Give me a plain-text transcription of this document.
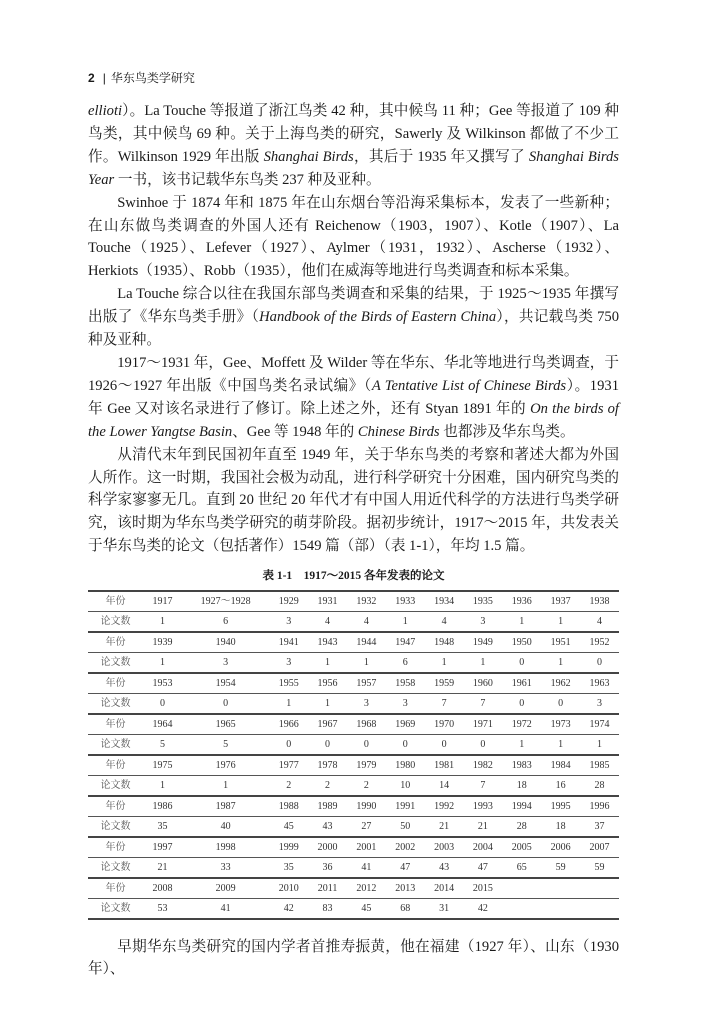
2 | 华东鸟类学研究

ellioti）。La Touche 等报道了浙江鸟类 42 种，其中候鸟 11 种；Gee 等报道了 109 种鸟类，其中候鸟 69 种。关于上海鸟类的研究，Sawerly 及 Wilkinson 都做了不少工作。Wilkinson 1929 年出版 Shanghai Birds，其后于 1935 年又撰写了 Shanghai Birds Year 一书，该书记载华东鸟类 237 种及亚种。

Swinhoe 于 1874 年和 1875 年在山东烟台等沿海采集标本，发表了一些新种；在山东做鸟类调查的外国人还有 Reichenow（1903，1907）、Kotle（1907）、La Touche（1925）、Lefever（1927）、Aylmer（1931，1932）、Ascherse（1932）、Herkiots（1935）、Robb（1935），他们在威海等地进行鸟类调查和标本采集。

La Touche 综合以往在我国东部鸟类调查和采集的结果，于 1925～1935 年撰写出版了《华东鸟类手册》（Handbook of the Birds of Eastern China），共记载鸟类 750 种及亚种。

1917～1931 年，Gee、Moffett 及 Wilder 等在华东、华北等地进行鸟类调查，于 1926～1927 年出版《中国鸟类名录试编》（A Tentative List of Chinese Birds）。1931 年 Gee 又对该名录进行了修订。除上述之外，还有 Styan 1891 年的 On the birds of the Lower Yangtse Basin、Gee 等 1948 年的 Chinese Birds 也都涉及华东鸟类。

从清代末年到民国初年直至 1949 年，关于华东鸟类的考察和著述大都为外国人所作。这一时期，我国社会极为动乱，进行科学研究十分困难，国内研究鸟类的科学家寥寥无几。直到 20 世纪 20 年代才有中国人用近代科学的方法进行鸟类学研究，该时期为华东鸟类学研究的萌芽阶段。据初步统计，1917～2015 年，共发表关于华东鸟类的论文（包括著作）1549 篇（部）（表 1-1），年均 1.5 篇。

表 1-1　1917～2015 各年发表的论文
年份	1917	1927～1928	1929	1931	1932	1933	1934	1935	1936	1937	1938
论文数	1	6	3	4	4	1	4	3	1	1	4
年份	1939	1940	1941	1943	1944	1947	1948	1949	1950	1951	1952
论文数	1	3	3	1	1	6	1	1	0	1	0
年份	1953	1954	1955	1956	1957	1958	1959	1960	1961	1962	1963
论文数	0	0	1	1	3	3	7	7	0	0	3
年份	1964	1965	1966	1967	1968	1969	1970	1971	1972	1973	1974
论文数	5	5	0	0	0	0	0	0	1	1	1
年份	1975	1976	1977	1978	1979	1980	1981	1982	1983	1984	1985
论文数	1	1	2	2	2	10	14	7	18	16	28
年份	1986	1987	1988	1989	1990	1991	1992	1993	1994	1995	1996
论文数	35	40	45	43	27	50	21	21	28	18	37
年份	1997	1998	1999	2000	2001	2002	2003	2004	2005	2006	2007
论文数	21	33	35	36	41	47	43	47	65	59	59
年份	2008	2009	2010	2011	2012	2013	2014	2015			
论文数	53	41	42	83	45	68	31	42			
早期华东鸟类研究的国内学者首推寿振黄，他在福建（1927 年）、山东（1930 年）、
